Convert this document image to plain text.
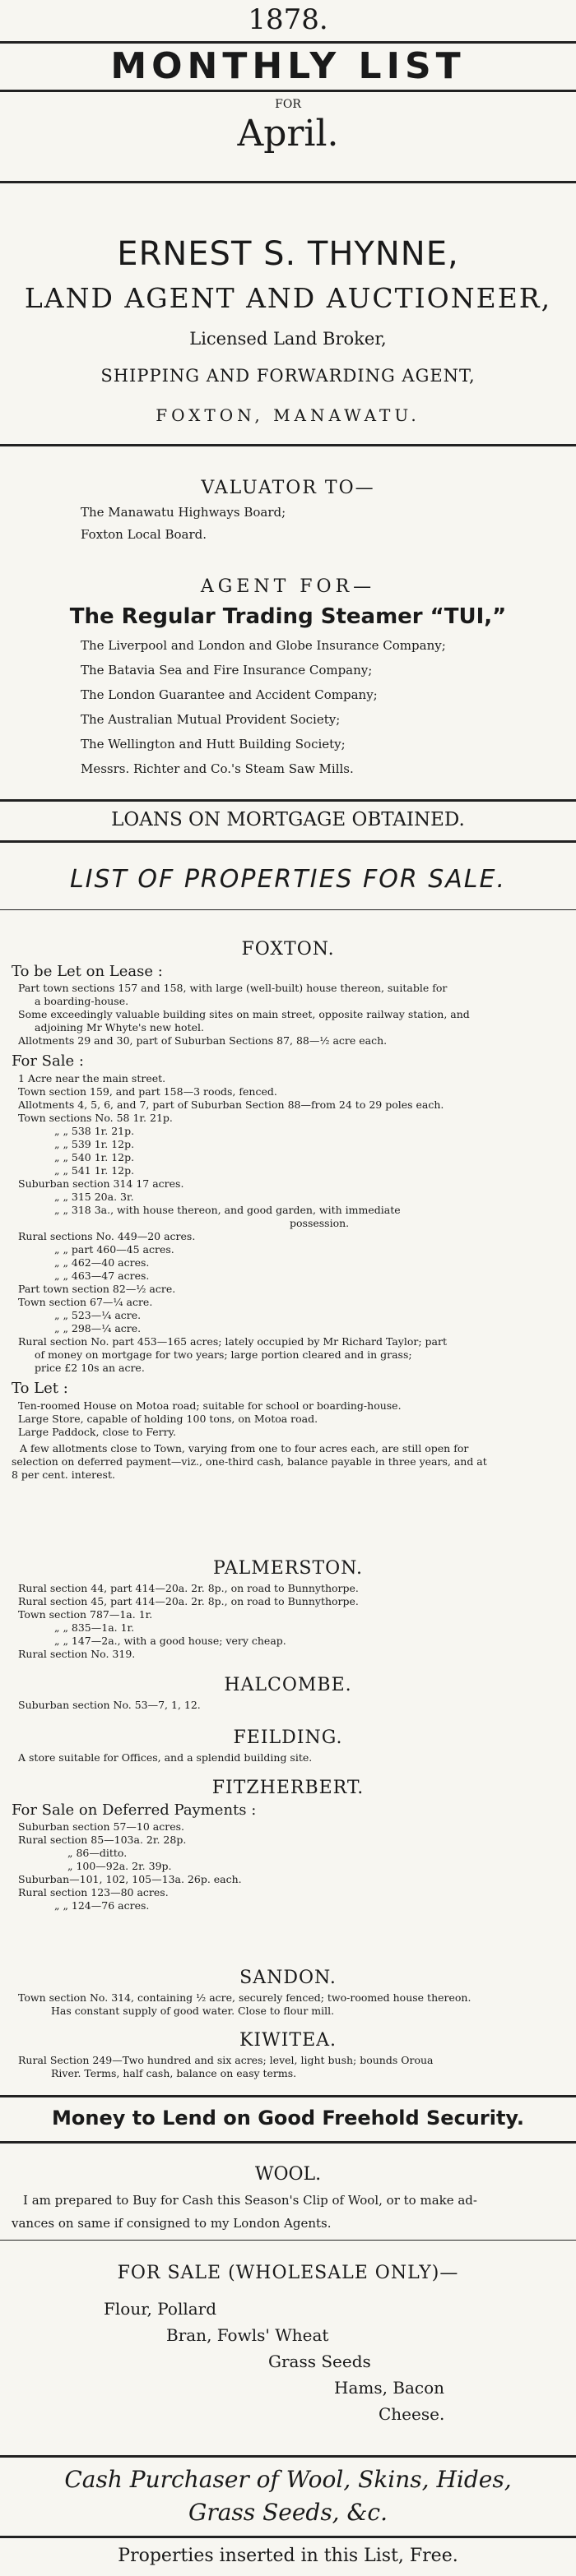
1878.
MONTHLY LIST
FOR
April.
ERNEST S. THYNNE,
LAND AGENT AND AUCTIONEER,
Licensed Land Broker,
SHIPPING AND FORWARDING AGENT,
FOXTON, MANAWATU.
VALUATOR TO—
The Manawatu Highways Board;
Foxton Local Board.
AGENT FOR—
The Regular Trading Steamer “TUI,”
The Liverpool and London and Globe Insurance Company;
The Batavia Sea and Fire Insurance Company;
The London Guarantee and Accident Company;
The Australian Mutual Provident Society;
The Wellington and Hutt Building Society;
Messrs. Richter and Co.'s Steam Saw Mills.
LOANS ON MORTGAGE OBTAINED.
LIST OF PROPERTIES FOR SALE.
FOXTON.
To be Let on Lease :
Part town sections 157 and 158, with large (well-built) house thereon, suitable for
a boarding-house.
Some exceedingly valuable building sites on main street, opposite railway station, and
adjoining Mr Whyte's new hotel.
Allotments 29 and 30, part of Suburban Sections 87, 88—½ acre each.
For Sale :
1 Acre near the main street.
Town section 159, and part 158—3 roods, fenced.
Allotments 4, 5, 6, and 7, part of Suburban Section 88—from 24 to 29 poles each.
Town sections No. 58 1r. 21p.
„ „ 538 1r. 21p.
„ „ 539 1r. 12p.
„ „ 540 1r. 12p.
„ „ 541 1r. 12p.
Suburban section 314 17 acres.
„ „ 315 20a. 3r.
„ „ 318 3a., with house thereon, and good garden, with immediate
possession.
Rural sections No. 449—20 acres.
„ „ part 460—45 acres.
„ „ 462—40 acres.
„ „ 463—47 acres.
Part town section 82—½ acre.
Town section 67—¼ acre.
„ „ 523—¼ acre.
„ „ 298—¼ acre.
Rural section No. part 453—165 acres; lately occupied by Mr Richard Taylor; part
of money on mortgage for two years; large portion cleared and in grass;
price £2 10s an acre.
To Let :
Ten-roomed House on Motoa road; suitable for school or boarding-house.
Large Store, capable of holding 100 tons, on Motoa road.
Large Paddock, close to Ferry.
A few allotments close to Town, varying from one to four acres each, are still open for
selection on deferred payment—viz., one-third cash, balance payable in three years, and at
8 per cent. interest.
PALMERSTON.
Rural section 44, part 414—20a. 2r. 8p., on road to Bunnythorpe.
Rural section 45, part 414—20a. 2r. 8p., on road to Bunnythorpe.
Town section 787—1a. 1r.
„ „ 835—1a. 1r.
„ „ 147—2a., with a good house; very cheap.
Rural section No. 319.
HALCOMBE.
Suburban section No. 53—7, 1, 12.
FEILDING.
A store suitable for Offices, and a splendid building site.
FITZHERBERT.
For Sale on Deferred Payments :
Suburban section 57—10 acres.
Rural section 85—103a. 2r. 28p.
„ 86—ditto.
„ 100—92a. 2r. 39p.
Suburban—101, 102, 105—13a. 26p. each.
Rural section 123—80 acres.
„ „ 124—76 acres.
SANDON.
Town section No. 314, containing ½ acre, securely fenced; two-roomed house thereon.
Has constant supply of good water. Close to flour mill.
KIWITEA.
Rural Section 249—Two hundred and six acres; level, light bush; bounds Oroua
River. Terms, half cash, balance on easy terms.
Money to Lend on Good Freehold Security.
WOOL.
I am prepared to Buy for Cash this Season's Clip of Wool, or to make ad-
vances on same if consigned to my London Agents.
FOR SALE (WHOLESALE ONLY)—
Flour, Pollard
Bran, Fowls' Wheat
Grass Seeds
Hams, Bacon
Cheese.
Cash Purchaser of Wool, Skins, Hides, Grass Seeds, &c.
Properties inserted in this List, Free.
